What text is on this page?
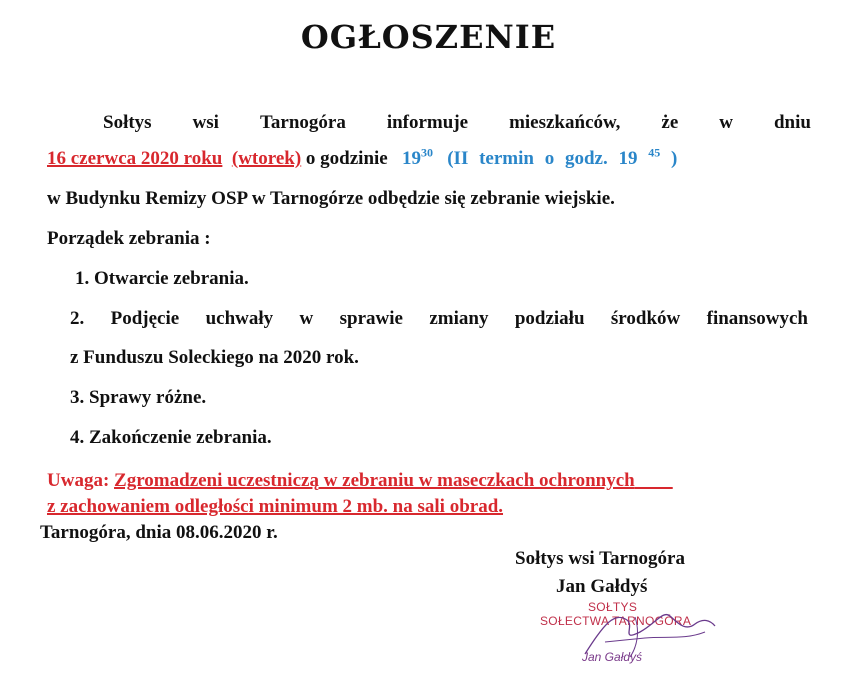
OGŁOSZENIE
Sołtys wsi Tarnogóra informuje mieszkańców, że w dniu
16 czerwca 2020 roku (wtorek) o godzinie $19^{30}$ (II termin o godz. 19 $^{45}$ )
w Budynku Remizy OSP w Tarnogórze odbędzie się zebranie wiejskie.
Porządek zebrania :
1. Otwarcie zebrania.
2. Podjęcie uchwały w sprawie zmiany podziału środków finansowych
z Funduszu Soleckiego na 2020 rok.
3. Sprawy różne.
4. Zakończenie zebrania.
Uwaga: Zgromadzeni uczestniczą w zebraniu w maseczkach ochronnych
z zachowaniem odległości minimum 2 mb. na sali obrad.
Tarnogóra, dnia 08.06.2020 r.
Sołtys wsi Tarnogóra
Jan Gałdyś
SOŁTYS
SOŁECTWA TARNOGÓRA
Jan Gałdyś
